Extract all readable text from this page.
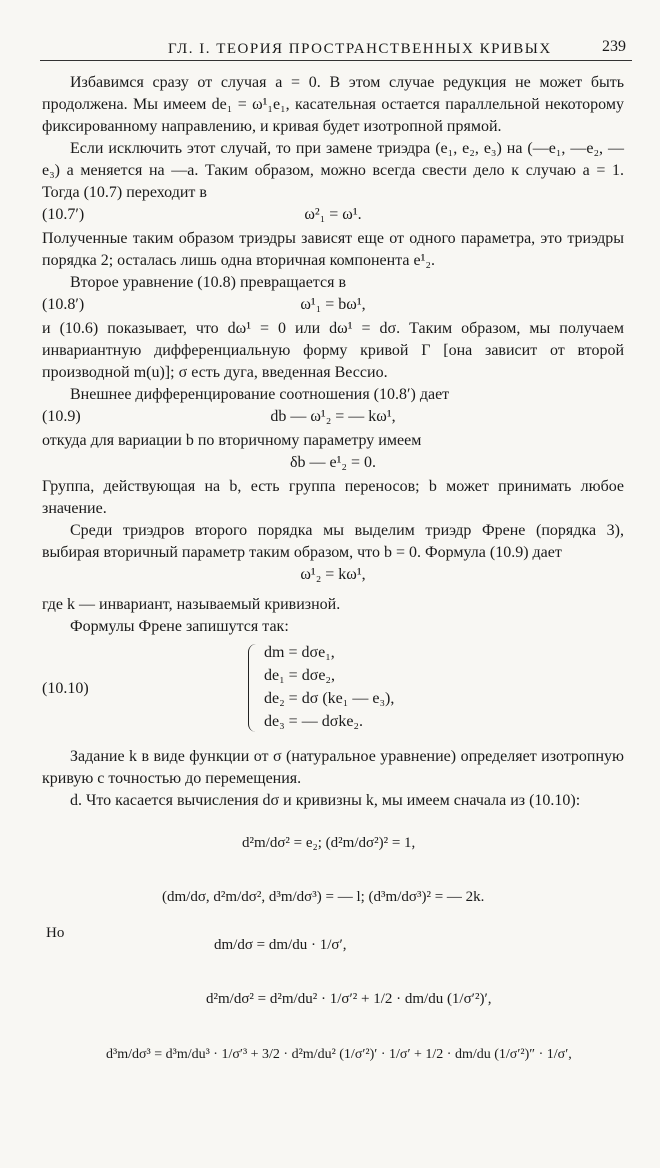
ГЛ. I. ТЕОРИЯ ПРОСТРАНСТВЕННЫХ КРИВЫХ	239

Избавимся сразу от случая a = 0. В этом случае редукция не может быть продолжена. Мы имеем de₁ = ω¹₁e₁, касательная остается параллельной некоторому фиксированному направлению, и кривая будет изотропной прямой.

Если исключить этот случай, то при замене триэдра (e₁, e₂, e₃) на (—e₁, —e₂, —e₃) a меняется на —a. Таким образом, можно всегда свести дело к случаю a = 1. Тогда (10.7) переходит в

(10.7′)	ω²₁ = ω¹.

Полученные таким образом триэдры зависят еще от одного параметра, это триэдры порядка 2; осталась лишь одна вторичная компонента e¹₂.

Второе уравнение (10.8) превращается в

(10.8′)	ω¹₁ = bω¹,

и (10.6) показывает, что dω¹ = 0 или dω¹ = dσ. Таким образом, мы получаем инвариантную дифференциальную форму кривой Γ [она зависит от второй производной m(u)]; σ есть дуга, введенная Вессио.

Внешнее дифференцирование соотношения (10.8′) дает

(10.9)	db — ω¹₂ = — kω¹,

откуда для вариации b по вторичному параметру имеем

δb — e¹₂ = 0.

Группа, действующая на b, есть группа переносов; b может принимать любое значение.

Среди триэдров второго порядка мы выделим триэдр Френе (порядка 3), выбирая вторичный параметр таким образом, что b = 0. Формула (10.9) дает

ω¹₂ = kω¹,

где k — инвариант, называемый кривизной.

Формулы Френе запишутся так:

(10.10)
dm = dσe₁,
de₁ = dσe₂,
de₂ = dσ (ke₁ — e₃),
de₃ = — dσke₂.

Задание k в виде функции от σ (натуральное уравнение) определяет изотропную кривую с точностью до перемещения.

d. Что касается вычисления dσ и кривизны k, мы имеем сначала из (10.10):

d²m/dσ² = e₂; (d²m/dσ²)² = 1,
(dm/dσ, d²m/dσ², d³m/dσ³) = — l; (d³m/dσ³)² = — 2k.
Но
dm/dσ = dm/du · 1/σ′,
d²m/dσ² = d²m/du² · 1/σ′² + 1/2 · dm/du (1/σ′²)′,
d³m/dσ³ = d³m/du³ · 1/σ′³ + 3/2 · d²m/du² (1/σ′²)′ · 1/σ′ + 1/2 · dm/du (1/σ′²)″ · 1/σ′,
